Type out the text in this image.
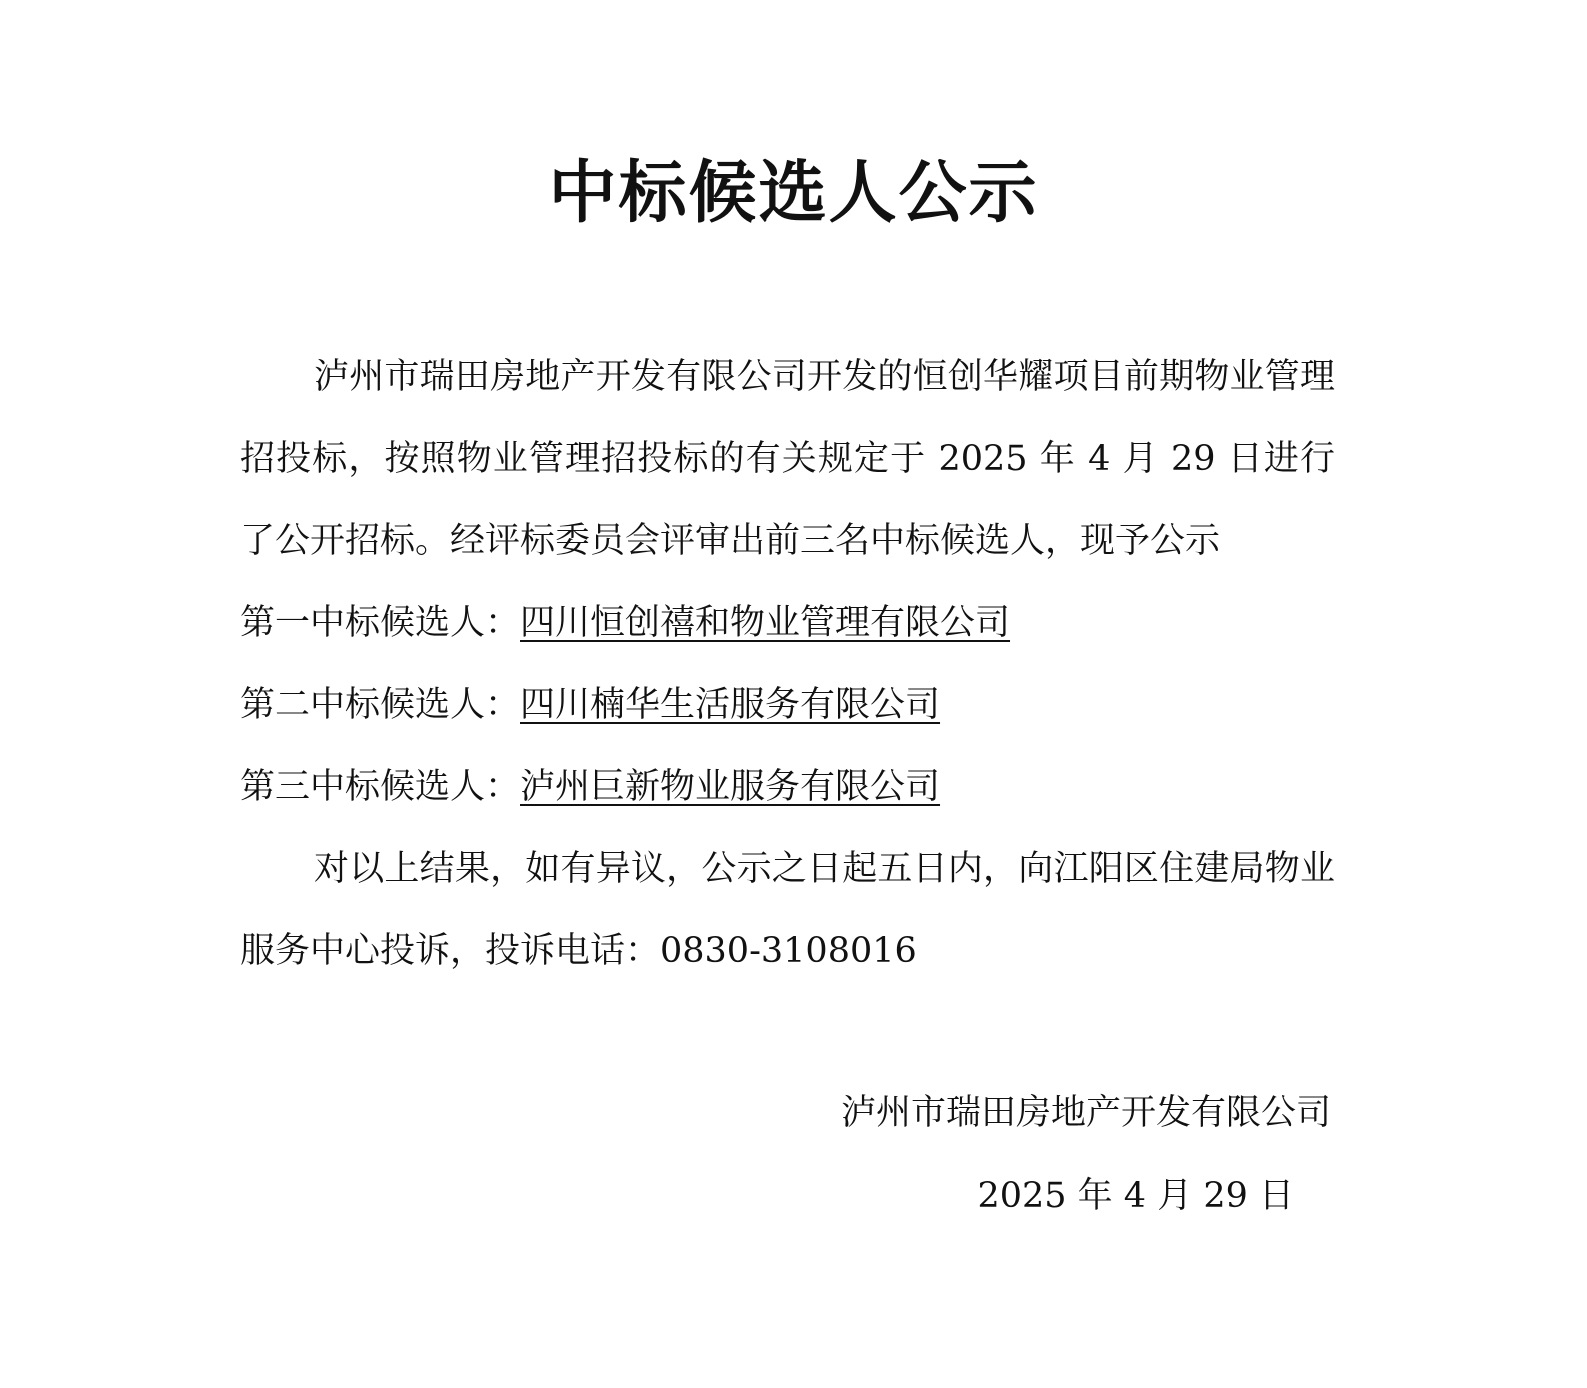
中标候选人公示

泸州市瑞田房地产开发有限公司开发的恒创华耀项目前期物业管理招投标，按照物业管理招投标的有关规定于 2025 年 4 月 29 日进行了公开招标。经评标委员会评审出前三名中标候选人，现予公示

第一中标候选人：四川恒创禧和物业管理有限公司

第二中标候选人：四川楠华生活服务有限公司

第三中标候选人：泸州巨新物业服务有限公司

对以上结果，如有异议，公示之日起五日内，向江阳区住建局物业服务中心投诉，投诉电话：0830-3108016

泸州市瑞田房地产开发有限公司
2025 年 4 月 29 日
